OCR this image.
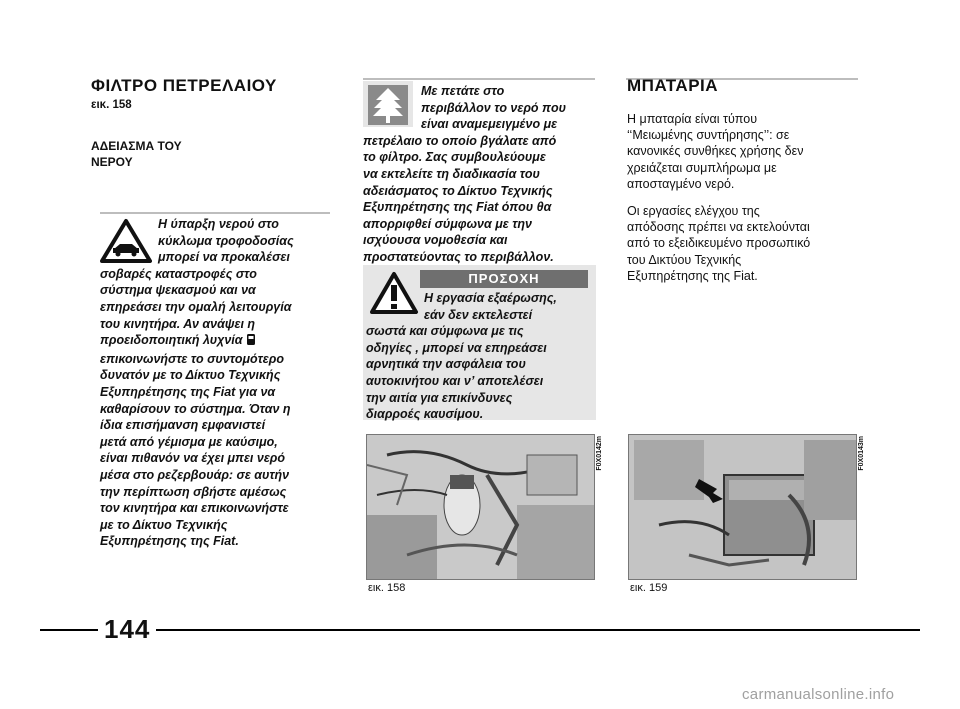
ΦΙΛΤΡΟ ΠΕΤΡΕΛΑΙΟΥ
εικ. 158
ΑΔΕΙΑΣΜΑ ΤΟΥ
ΝΕΡΟΥ
Η ύπαρξη νερού στο
κύκλωμα τροφοδοσίας
μπορεί να προκαλέσει
σοβαρές καταστροφές στο
σύστημα ψεκασμού και να
επηρεάσει την ομαλή λειτουργία
του κινητήρα. Αν ανάψει η
προειδοποιητική λυχνία
επικοινωνήστε το συντομότερο
δυνατόν με το Δίκτυο Τεχνικής
Εξυπηρέτησης της Fiat για να
καθαρίσουν το σύστημα. Όταν η
ίδια επισήμανση εμφανιστεί
μετά από γέμισμα με καύσιμο,
είναι πιθανόν να έχει μπει νερό
μέσα στο ρεζερβουάρ: σε αυτήν
την περίπτωση σβήστε αμέσως
τον κινητήρα και επικοινωνήστε
με το Δίκτυο Τεχνικής
Εξυπηρέτησης της Fiat.
Με πετάτε στο
περιβάλλον το νερό που
είναι αναμεμειγμένο με
πετρέλαιο το οποίο βγάλατε από
το φίλτρο. Σας συμβουλεύουμε
να εκτελείτε τη διαδικασία του
αδειάσματος το Δίκτυο Τεχνικής
Εξυπηρέτησης της Fiat όπου θα
απορριφθεί σύμφωνα με την
ισχύουσα νομοθεσία και
προστατεύοντας το περιβάλλον.
ΠΡΟΣΟΧΗ
Η εργασία εξαέρωσης,
εάν δεν εκτελεστεί
σωστά και σύμφωνα με τις
οδηγίες , μπορεί να επηρεάσει
αρνητικά την ασφάλεια του
αυτοκινήτου και ν’ αποτελέσει
την αιτία για επικίνδυνες
διαρροές καυσίμου.
F0X0142m
εικ. 158
ΜΠΑΤΑΡΙΑ
Η μπαταρία είναι τύπου
‘‘Μειωμένης συντήρησης’’: σε
κανονικές συνθήκες χρήσης δεν
χρειάζεται συμπλήρωμα με
αποσταγμένο νερό.
Οι εργασίες ελέγχου της
απόδοσης πρέπει να εκτελούνται
από το εξειδικευμένο προσωπικό
του Δικτύου Τεχνικής
Εξυπηρέτησης της Fiat.
F0X0143m
εικ. 159
144
carmanualsonline.info
